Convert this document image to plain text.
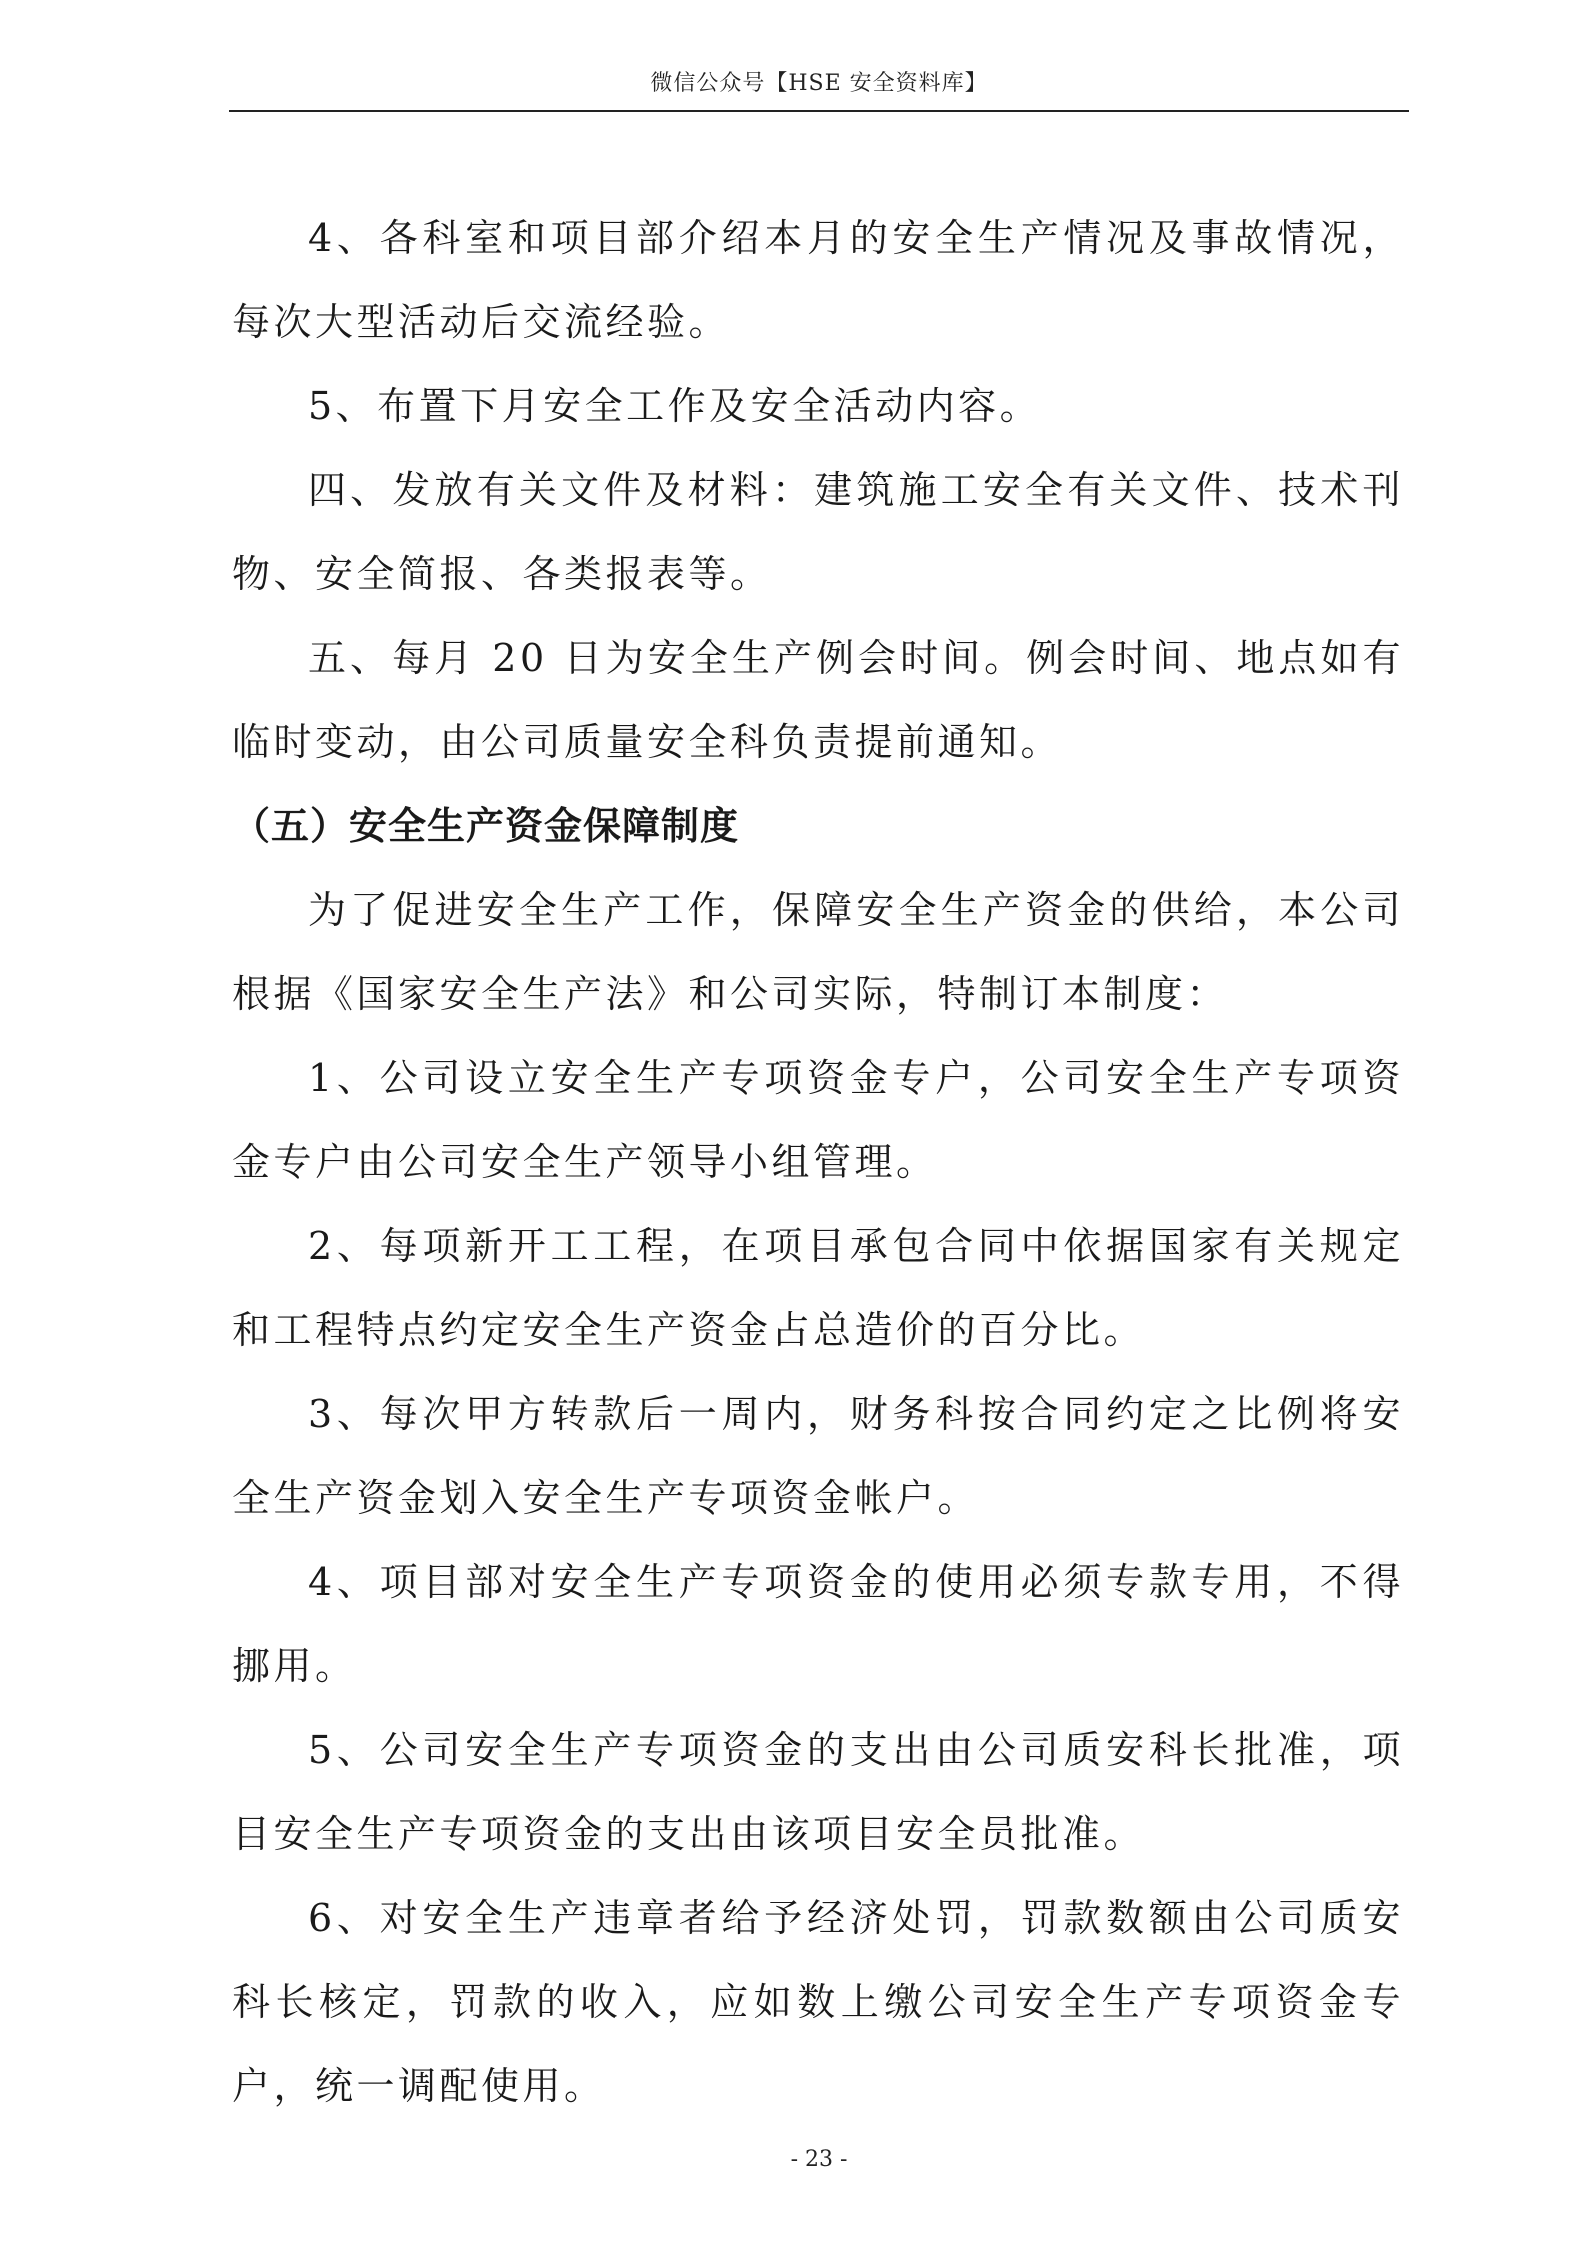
微信公众号【HSE 安全资料库】

4、各科室和项目部介绍本月的安全生产情况及事故情况，每次大型活动后交流经验。

5、布置下月安全工作及安全活动内容。

四、发放有关文件及材料：建筑施工安全有关文件、技术刊物、安全简报、各类报表等。

五、每月 20 日为安全生产例会时间。例会时间、地点如有临时变动，由公司质量安全科负责提前通知。

（五）安全生产资金保障制度

为了促进安全生产工作，保障安全生产资金的供给，本公司根据《国家安全生产法》和公司实际，特制订本制度：

1、公司设立安全生产专项资金专户，公司安全生产专项资金专户由公司安全生产领导小组管理。

2、每项新开工工程，在项目承包合同中依据国家有关规定和工程特点约定安全生产资金占总造价的百分比。

3、每次甲方转款后一周内，财务科按合同约定之比例将安全生产资金划入安全生产专项资金帐户。

4、项目部对安全生产专项资金的使用必须专款专用，不得挪用。

5、公司安全生产专项资金的支出由公司质安科长批准，项目安全生产专项资金的支出由该项目安全员批准。

6、对安全生产违章者给予经济处罚，罚款数额由公司质安科长核定，罚款的收入，应如数上缴公司安全生产专项资金专户，统一调配使用。

- 23 -
